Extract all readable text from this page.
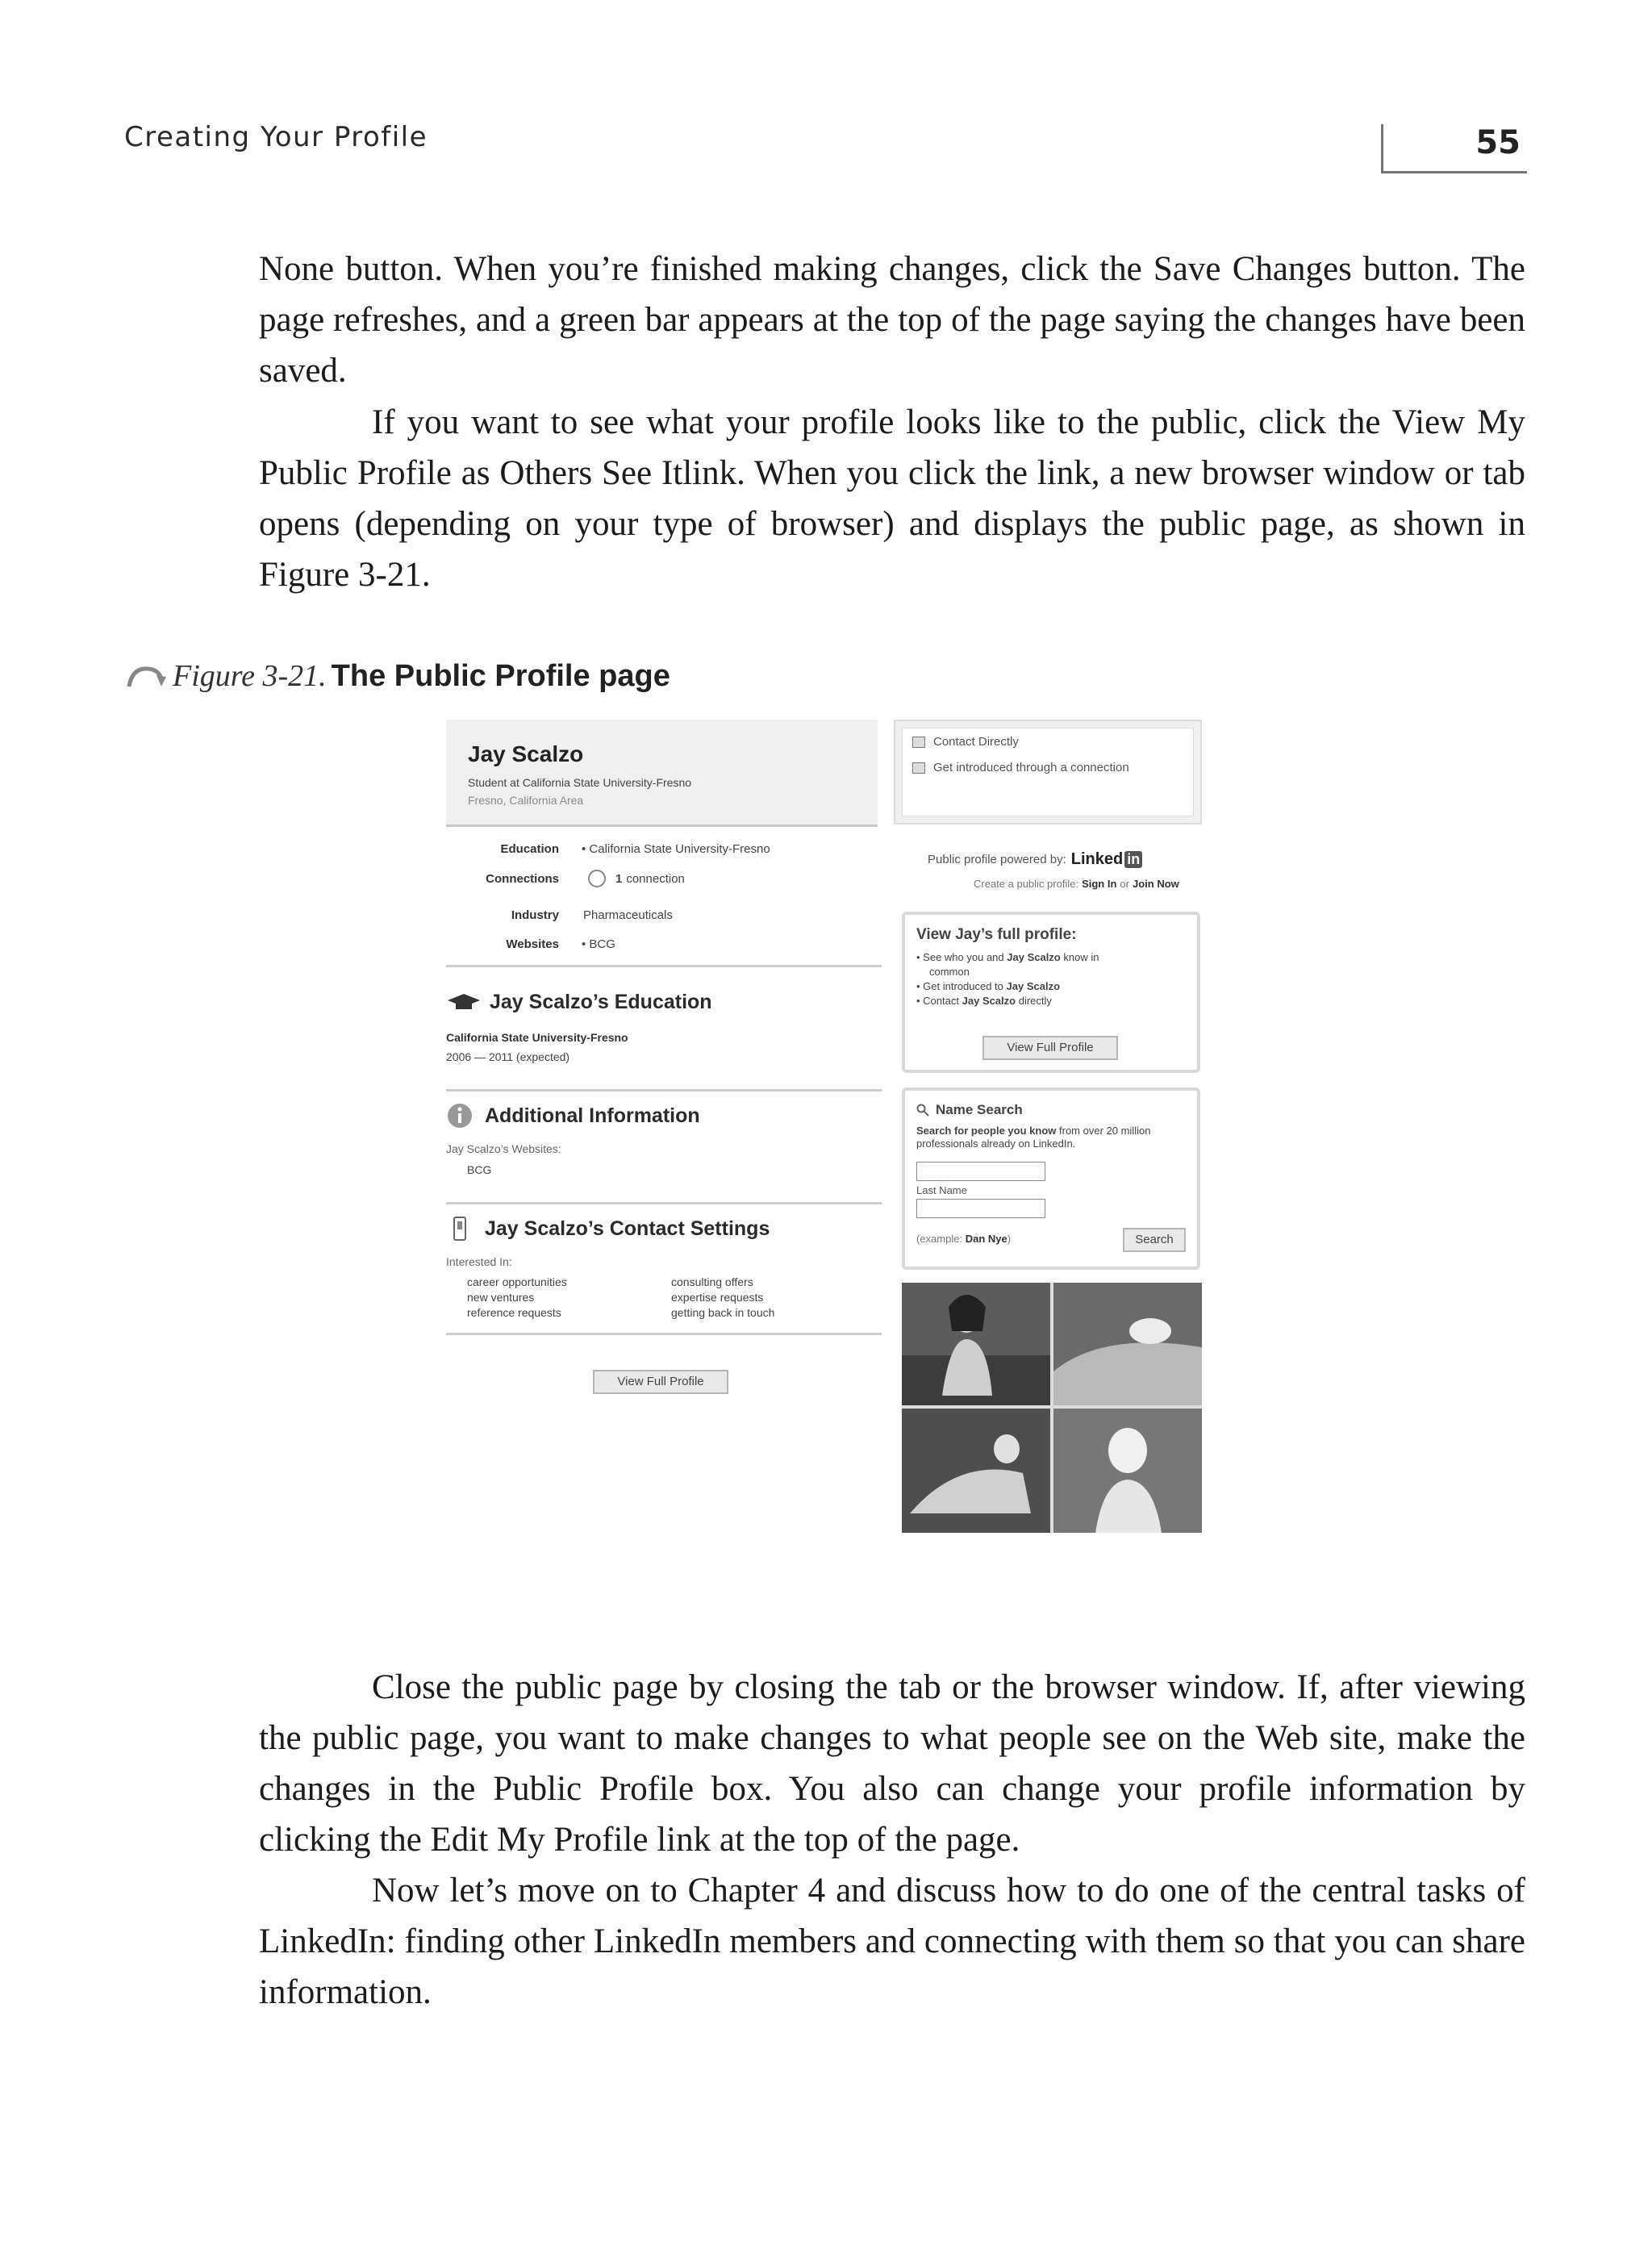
Creating Your Profile	55

None button. When you’re finished making changes, click the Save Changes button. The page refreshes, and a green bar appears at the top of the page saying the changes have been saved.

If you want to see what your profile looks like to the public, click the View My Public Profile as Others See Itlink. When you click the link, a new browser window or tab opens (depending on your type of browser) and displays the public page, as shown in Figure 3-21.

Figure 3-21. The Public Profile page
Jay Scalzo
Student at California State University-Fresno
Fresno, California Area
Contact Directly
Get introduced through a connection
Public profile powered by: Linked in
Create a public profile: Sign In or Join Now
Education • California State University-Fresno
Connections	1 connection
Industry Pharmaceuticals
Websites • BCG
Jay Scalzo’s Education
California State University-Fresno
2006 — 2011 (expected)
Additional Information
Jay Scalzo’s Websites:
BCG
Jay Scalzo’s Contact Settings
Interested In:
career opportunities
new ventures
reference requests
consulting offers
expertise requests
getting back in touch
View Full Profile
View Jay’s full profile:
• See who you and Jay Scalzo know in
common
• Get introduced to Jay Scalzo
• Contact Jay Scalzo directly
View Full Profile
Name Search
Search for people you know from over 20 million
professionals already on LinkedIn.
Last Name
(example: Dan Nye)	Search

Close the public page by closing the tab or the browser window. If, after viewing the public page, you want to make changes to what people see on the Web site, make the changes in the Public Profile box. You also can change your profile information by clicking the Edit My Profile link at the top of the page.

Now let’s move on to Chapter 4 and discuss how to do one of the central tasks of LinkedIn: finding other LinkedIn members and connecting with them so that you can share information.
